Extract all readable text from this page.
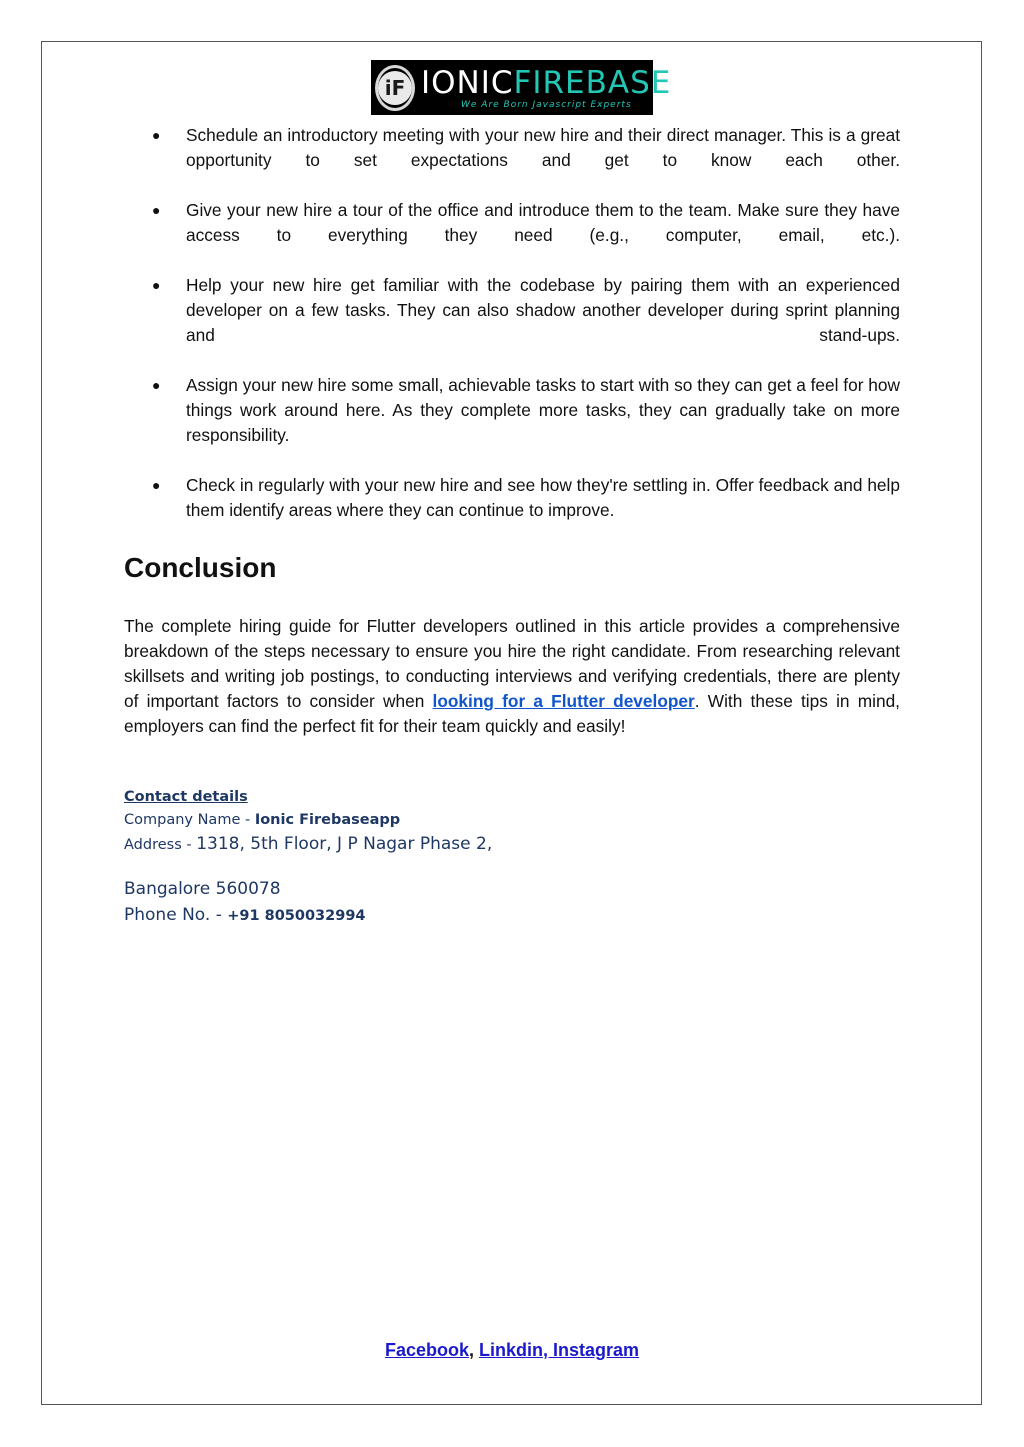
iF IONIC FIREBASE
We Are Born Javascript Experts
● Schedule an introductory meeting with your new hire and their direct manager. This is a great opportunity to set expectations and get to know each other.
● Give your new hire a tour of the office and introduce them to the team. Make sure they have access to everything they need (e.g., computer, email, etc.).
● Help your new hire get familiar with the codebase by pairing them with an experienced developer on a few tasks. They can also shadow another developer during sprint planning and stand-ups.
● Assign your new hire some small, achievable tasks to start with so they can get a feel for how things work around here. As they complete more tasks, they can gradually take on more responsibility.
● Check in regularly with your new hire and see how they're settling in. Offer feedback and help them identify areas where they can continue to improve.
Conclusion

The complete hiring guide for Flutter developers outlined in this article provides a comprehensive breakdown of the steps necessary to ensure you hire the right candidate. From researching relevant skillsets and writing job postings, to conducting interviews and verifying credentials, there are plenty of important factors to consider when looking for a Flutter developer. With these tips in mind, employers can find the perfect fit for their team quickly and easily!

Contact details
Company Name - Ionic Firebaseapp
Address - 1318, 5th Floor, J P Nagar Phase 2,
Bangalore 560078
Phone No. - +91 8050032994
Facebook, Linkdin, Instagram
